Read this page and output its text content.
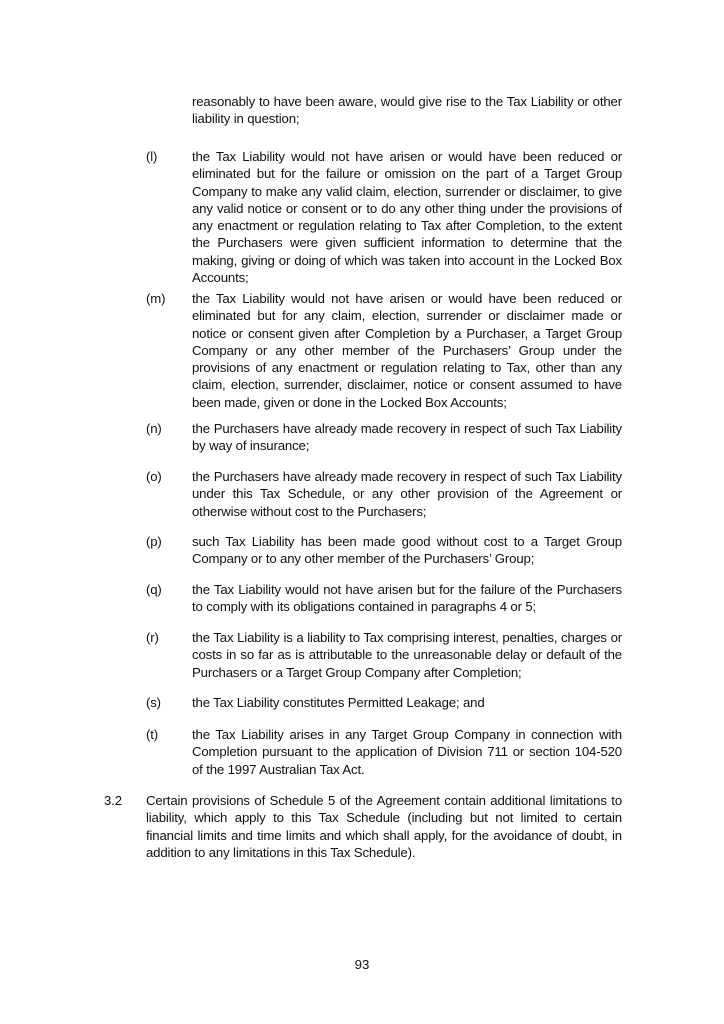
reasonably to have been aware, would give rise to the Tax Liability or other liability in question;
(l)	the Tax Liability would not have arisen or would have been reduced or eliminated but for the failure or omission on the part of a Target Group Company to make any valid claim, election, surrender or disclaimer, to give any valid notice or consent or to do any other thing under the provisions of any enactment or regulation relating to Tax after Completion, to the extent the Purchasers were given sufficient information to determine that the making, giving or doing of which was taken into account in the Locked Box Accounts;
(m) the Tax Liability would not have arisen or would have been reduced or eliminated but for any claim, election, surrender or disclaimer made or notice or consent given after Completion by a Purchaser, a Target Group Company or any other member of the Purchasers’ Group under the provisions of any enactment or regulation relating to Tax, other than any claim, election, surrender, disclaimer, notice or consent assumed to have been made, given or done in the Locked Box Accounts;
(n) the Purchasers have already made recovery in respect of such Tax Liability by way of insurance;
(o) the Purchasers have already made recovery in respect of such Tax Liability under this Tax Schedule, or any other provision of the Agreement or otherwise without cost to the Purchasers;
(p) such Tax Liability has been made good without cost to a Target Group Company or to any other member of the Purchasers’ Group;
(q) the Tax Liability would not have arisen but for the failure of the Purchasers to comply with its obligations contained in paragraphs 4 or 5;
(r)	the Tax Liability is a liability to Tax comprising interest, penalties, charges or costs in so far as is attributable to the unreasonable delay or default of the Purchasers or a Target Group Company after Completion;
(s) the Tax Liability constitutes Permitted Leakage; and
(t)	the Tax Liability arises in any Target Group Company in connection with Completion pursuant to the application of Division 711 or section 104-520 of the 1997 Australian Tax Act.
3.2 Certain provisions of Schedule 5 of the Agreement contain additional limitations to liability, which apply to this Tax Schedule (including but not limited to certain financial limits and time limits and which shall apply, for the avoidance of doubt, in addition to any limitations in this Tax Schedule).
93
